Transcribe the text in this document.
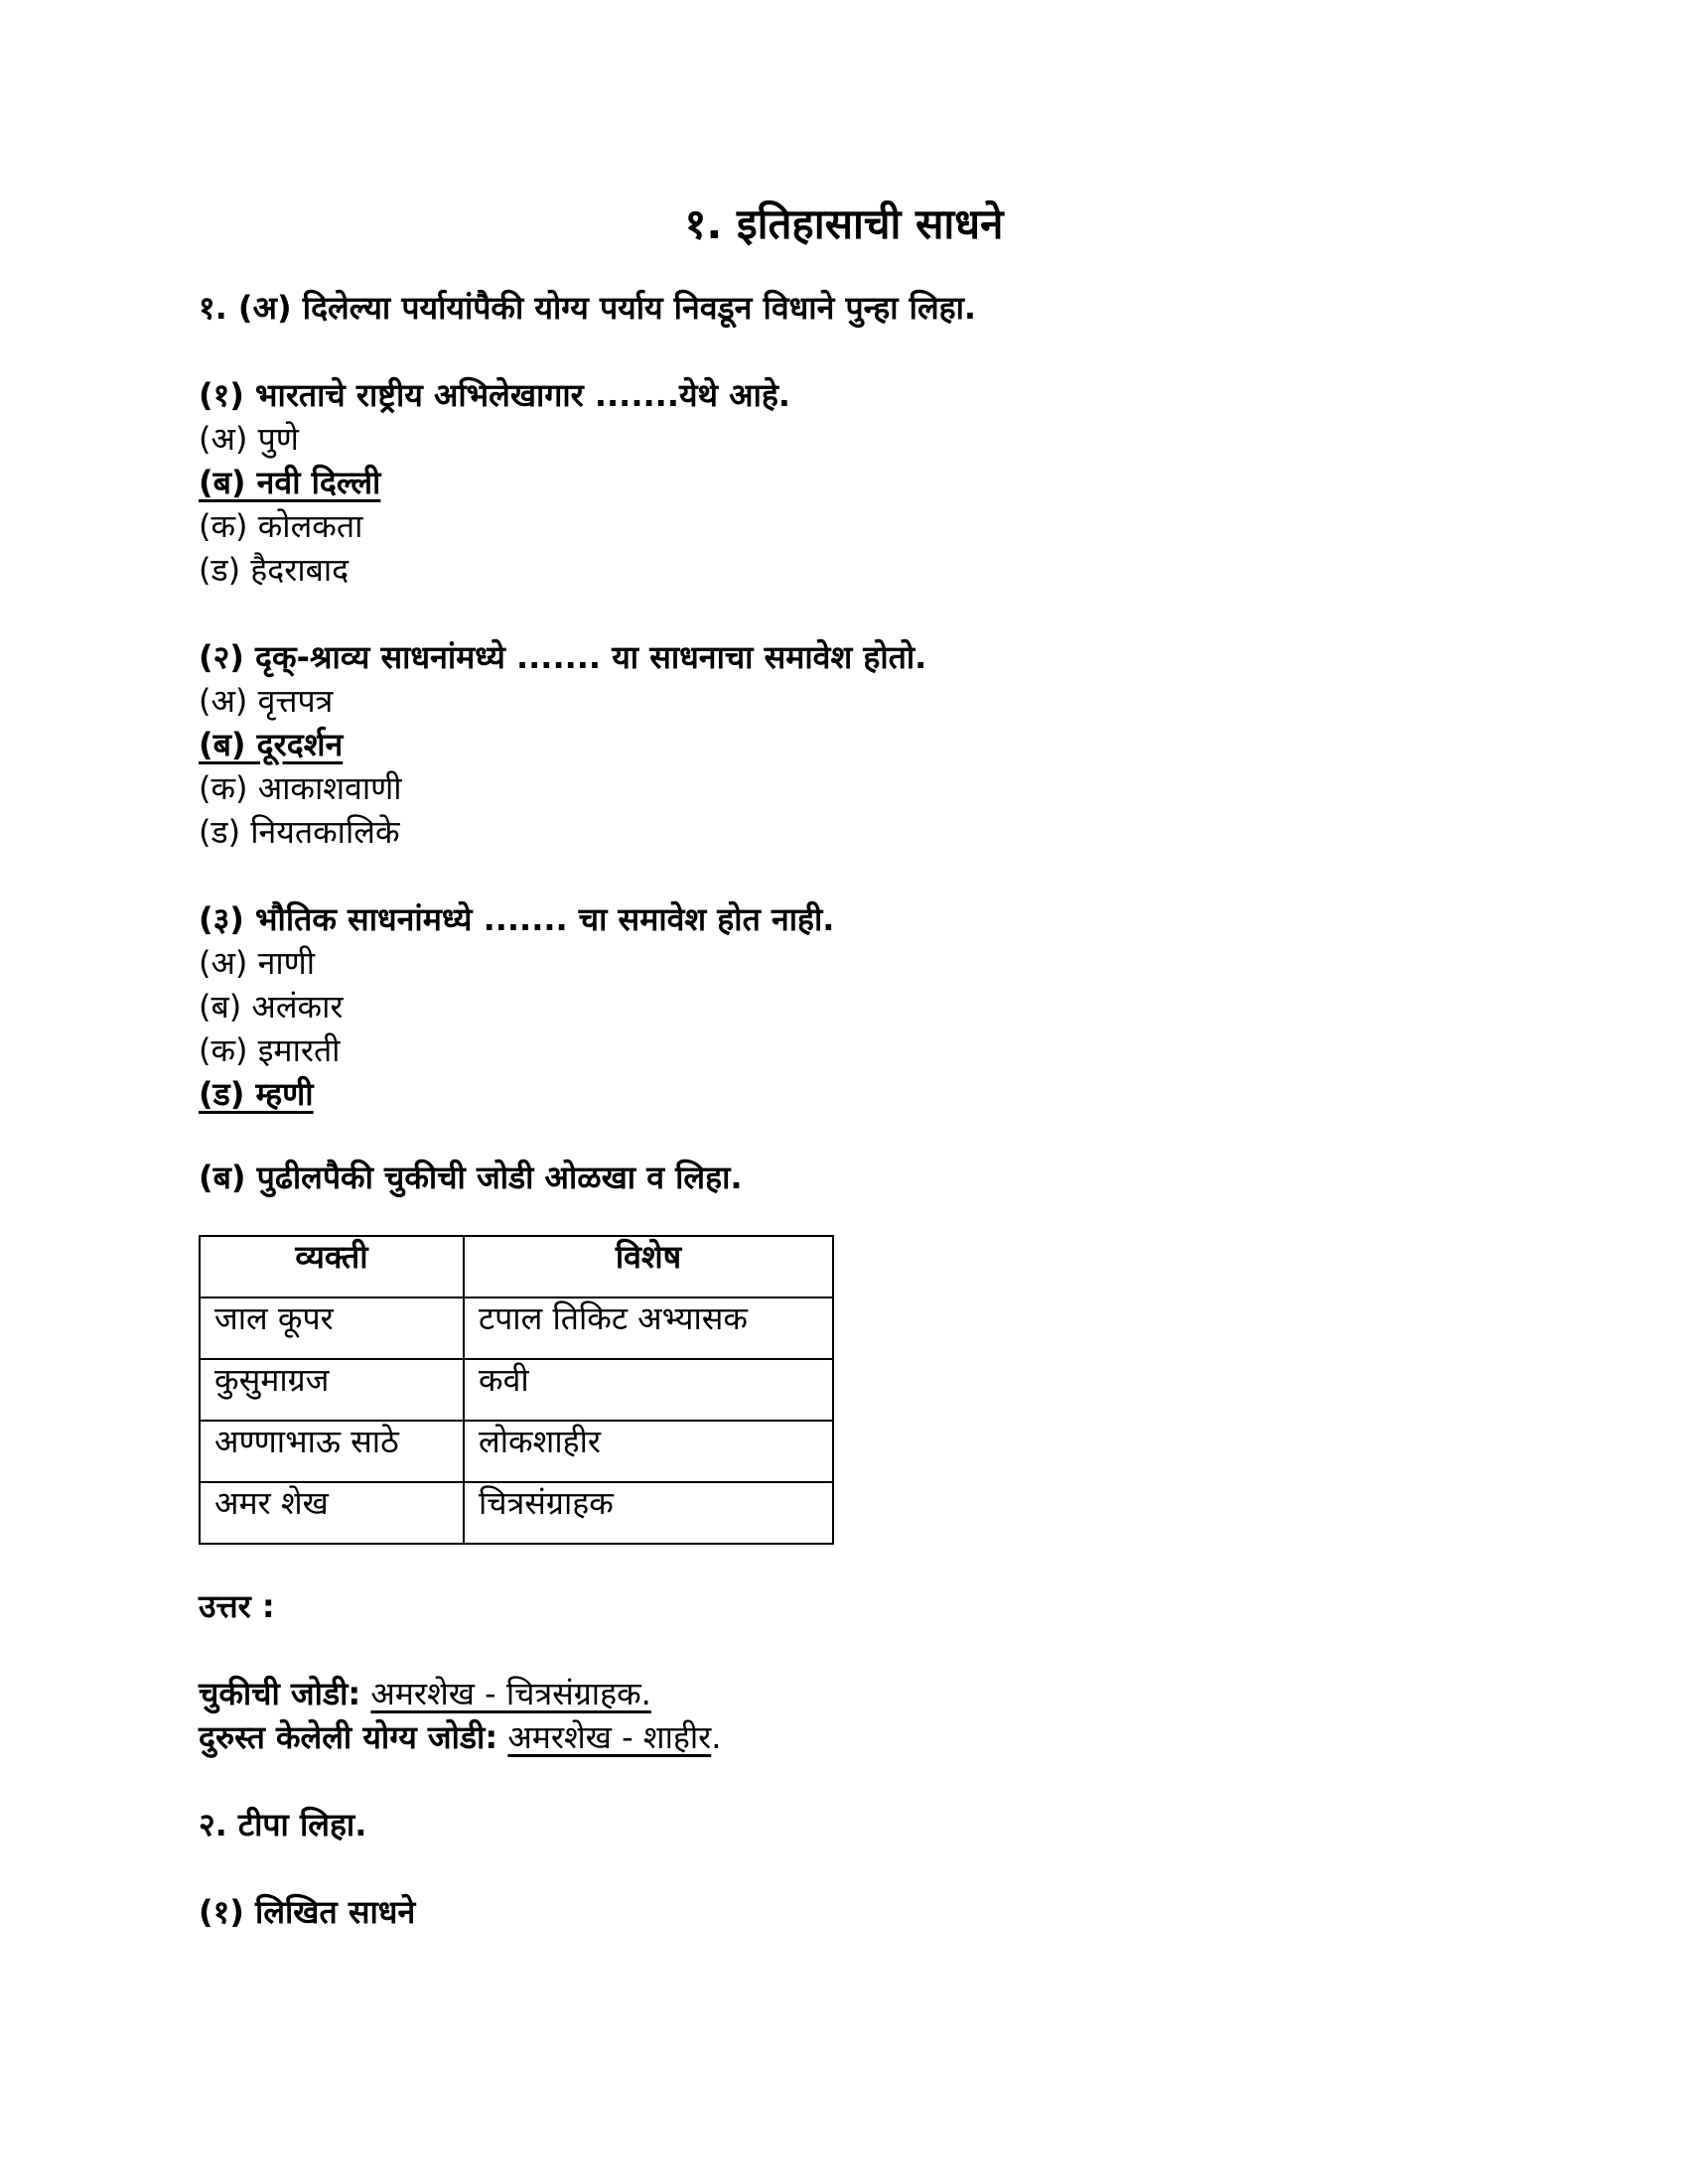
१. इतिहासाची साधने

१. (अ) दिलेल्या पर्यायांपैकी योग्य पर्याय निवडून विधाने पुन्हा लिहा.

(१) भारताचे राष्ट्रीय अभिलेखागार .......येथे आहे.

(अ) पुणे

(ब) नवी दिल्ली

(क) कोलकता

(ड) हैदराबाद

(२) दृक्-श्राव्य साधनांमध्ये ....... या साधनाचा समावेश होतो.

(अ) वृत्तपत्र

(ब) दूरदर्शन

(क) आकाशवाणी

(ड) नियतकालिके

(३) भौतिक साधनांमध्ये ....... चा समावेश होत नाही.

(अ) नाणी

(ब) अलंकार

(क) इमारती

(ड) म्हणी

(ब) पुढीलपैकी चुकीची जोडी ओळखा व लिहा.
व्यक्ती	विशेष
जाल कूपर	टपाल तिकिट अभ्यासक
कुसुमाग्रज	कवी
अण्णाभाऊ साठे	लोकशाहीर
अमर शेख	चित्रसंग्राहक
उत्तर :

चुकीची जोडी: अमरशेख - चित्रसंग्राहक.

दुरुस्त केलेली योग्य जोडी: अमरशेख - शाहीर.

२. टीपा लिहा.
(१) लिखित साधने
